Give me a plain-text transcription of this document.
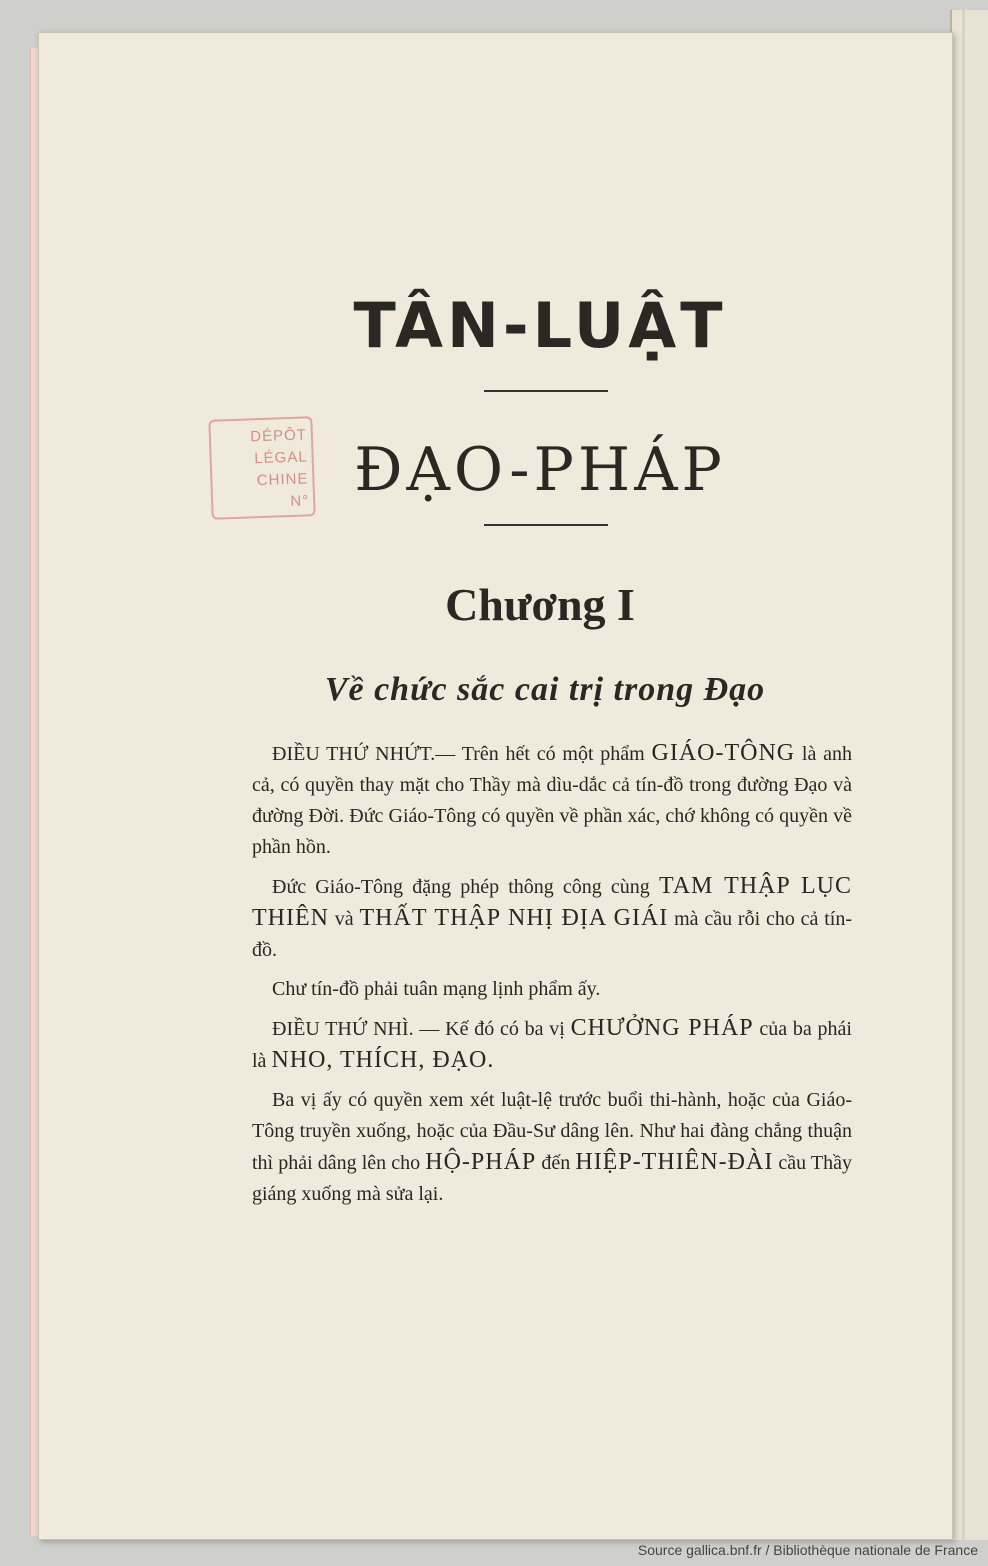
DÉPÔT LÉGAL
CHINE
N°
TÂN-LUẬT
ĐẠO-PHÁP
Chương I
Về chức sắc cai trị trong Đạo

ĐIỀU THỨ NHỨT.— Trên hết có một phẩm GIÁO-TÔNG là anh cả, có quyền thay mặt cho Thầy mà dìu-dắc cả tín-đồ trong đường Đạo và đường Đời. Đức Giáo-Tông có quyền về phần xác, chớ không có quyền về phần hồn.

Đức Giáo-Tông đặng phép thông công cùng TAM THẬP LỤC THIÊN và THẤT THẬP NHỊ ĐỊA GIÁI mà cầu rỗi cho cả tín-đồ.

Chư tín-đồ phải tuân mạng lịnh phẩm ấy.

ĐIỀU THỨ NHÌ. — Kế đó có ba vị CHƯỞNG PHÁP của ba phái là NHO, THÍCH, ĐẠO.

Ba vị ấy có quyền xem xét luật-lệ trước buổi thi-hành, hoặc của Giáo-Tông truyền xuống, hoặc của Đầu-Sư dâng lên. Như hai đàng chẳng thuận thì phải dâng lên cho HỘ-PHÁP đến HIỆP-THIÊN-ĐÀI cầu Thầy giáng xuống mà sửa lại.

Source gallica.bnf.fr / Bibliothèque nationale de France
